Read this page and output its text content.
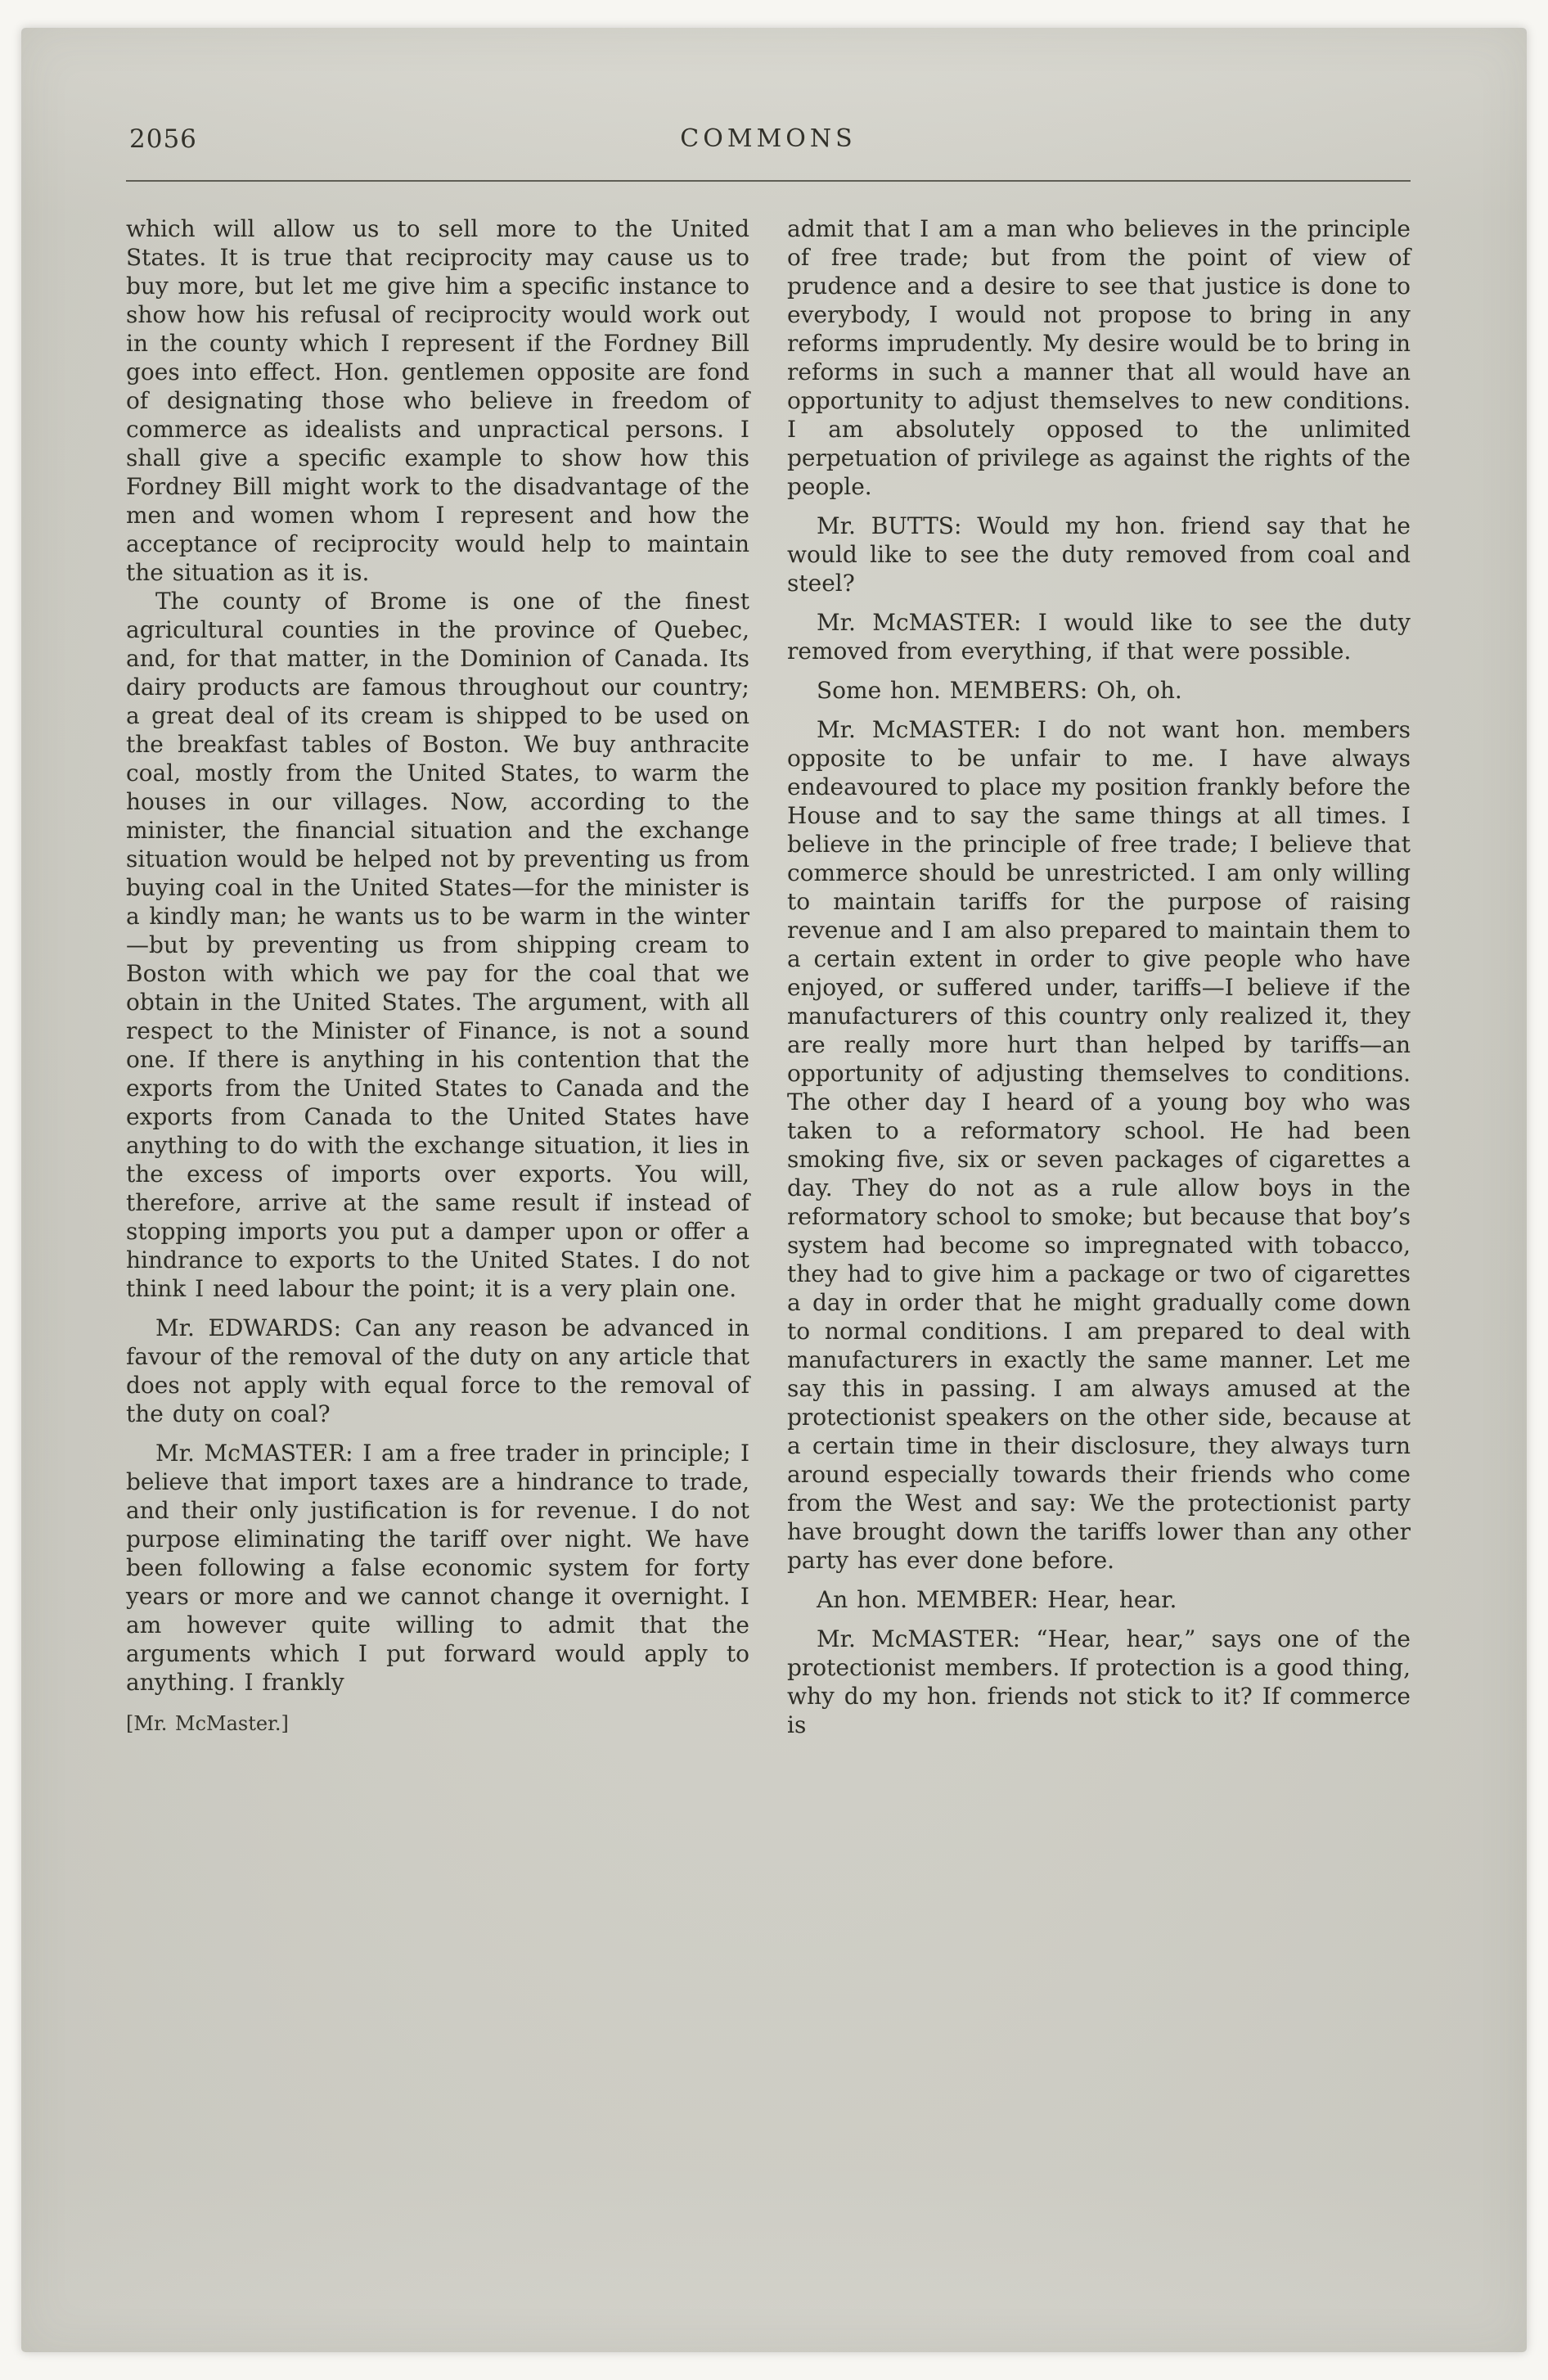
2056	COMMONS

which will allow us to sell more to the United States. It is true that reciprocity may cause us to buy more, but let me give him a specific instance to show how his refusal of reciprocity would work out in the county which I represent if the Fordney Bill goes into effect. Hon. gentlemen opposite are fond of designating those who believe in freedom of commerce as idealists and unpractical persons. I shall give a specific example to show how this Fordney Bill might work to the disadvantage of the men and women whom I represent and how the acceptance of reciprocity would help to maintain the situation as it is.

The county of Brome is one of the finest agricultural counties in the province of Quebec, and, for that matter, in the Dominion of Canada. Its dairy products are famous throughout our country; a great deal of its cream is shipped to be used on the breakfast tables of Boston. We buy anthracite coal, mostly from the United States, to warm the houses in our villages. Now, according to the minister, the financial situation and the exchange situation would be helped not by preventing us from buying coal in the United States—for the minister is a kindly man; he wants us to be warm in the winter—but by preventing us from shipping cream to Boston with which we pay for the coal that we obtain in the United States. The argument, with all respect to the Minister of Finance, is not a sound one. If there is anything in his contention that the exports from the United States to Canada and the exports from Canada to the United States have anything to do with the exchange situation, it lies in the excess of imports over exports. You will, therefore, arrive at the same result if instead of stopping imports you put a damper upon or offer a hindrance to exports to the United States. I do not think I need labour the point; it is a very plain one.

Mr. EDWARDS: Can any reason be advanced in favour of the removal of the duty on any article that does not apply with equal force to the removal of the duty on coal?

Mr. McMASTER: I am a free trader in principle; I believe that import taxes are a hindrance to trade, and their only justification is for revenue. I do not purpose eliminating the tariff over night. We have been following a false economic system for forty years or more and we cannot change it overnight. I am however quite willing to admit that the arguments which I put forward would apply to anything. I frankly

[Mr. McMaster.]

admit that I am a man who believes in the principle of free trade; but from the point of view of prudence and a desire to see that justice is done to everybody, I would not propose to bring in any reforms imprudently. My desire would be to bring in reforms in such a manner that all would have an opportunity to adjust themselves to new conditions. I am absolutely opposed to the unlimited perpetuation of privilege as against the rights of the people.

Mr. BUTTS: Would my hon. friend say that he would like to see the duty removed from coal and steel?

Mr. McMASTER: I would like to see the duty removed from everything, if that were possible.

Some hon. MEMBERS: Oh, oh.

Mr. McMASTER: I do not want hon. members opposite to be unfair to me. I have always endeavoured to place my position frankly before the House and to say the same things at all times. I believe in the principle of free trade; I believe that commerce should be unrestricted. I am only willing to maintain tariffs for the purpose of raising revenue and I am also prepared to maintain them to a certain extent in order to give people who have enjoyed, or suffered under, tariffs—I believe if the manufacturers of this country only realized it, they are really more hurt than helped by tariffs—an opportunity of adjusting themselves to conditions. The other day I heard of a young boy who was taken to a reformatory school. He had been smoking five, six or seven packages of cigarettes a day. They do not as a rule allow boys in the reformatory school to smoke; but because that boy’s system had become so impregnated with tobacco, they had to give him a package or two of cigarettes a day in order that he might gradually come down to normal conditions. I am prepared to deal with manufacturers in exactly the same manner. Let me say this in passing. I am always amused at the protectionist speakers on the other side, because at a certain time in their disclosure, they always turn around especially towards their friends who come from the West and say: We the protectionist party have brought down the tariffs lower than any other party has ever done before.

An hon. MEMBER: Hear, hear.

Mr. McMASTER: “Hear, hear,” says one of the protectionist members. If protection is a good thing, why do my hon. friends not stick to it? If commerce is
